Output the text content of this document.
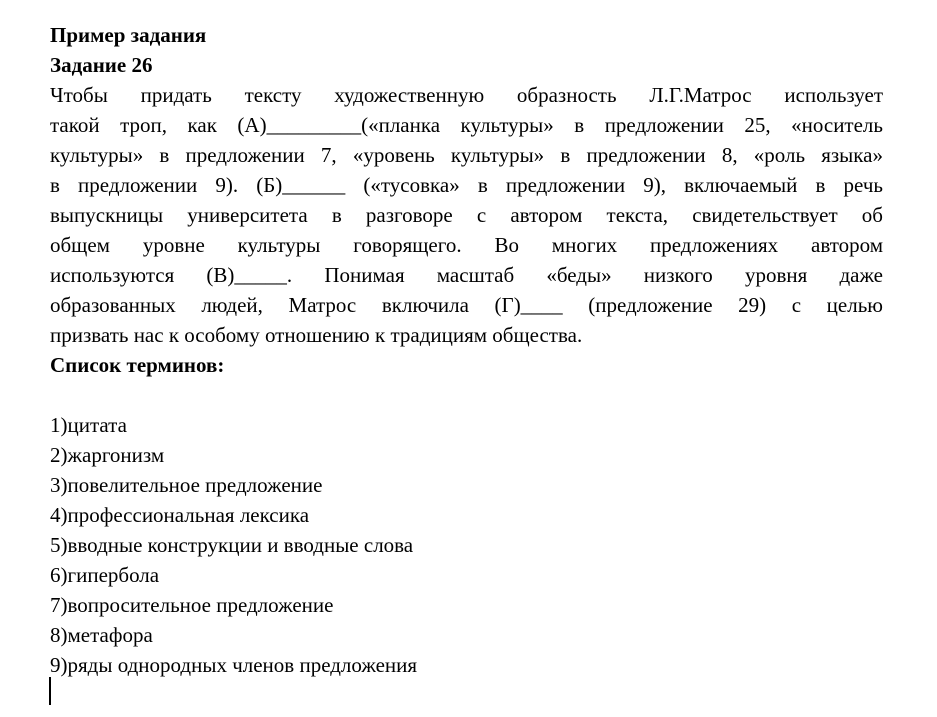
Пример задания
Задание 26
Чтобы придать тексту художественную образность Л.Г.Матрос использует
такой троп, как (А)_________(«планка культуры» в предложении 25, «носитель
культуры» в предложении 7, «уровень культуры» в предложении 8, «роль языка»
в предложении 9). (Б)______ («тусовка» в предложении 9), включаемый в речь
выпускницы университета в разговоре с автором текста, свидетельствует об
общем уровне культуры говорящего. Во многих предложениях автором
используются (В)_____. Понимая масштаб «беды» низкого уровня даже
образованных людей, Матрос включила (Г)____ (предложение 29) с целью
призвать нас к особому отношению к традициям общества.
Список терминов:
1)цитата
2)жаргонизм
3)повелительное предложение
4)профессиональная лексика
5)вводные конструкции и вводные слова
6)гипербола
7)вопросительное предложение
8)метафора
9)ряды однородных членов предложения
